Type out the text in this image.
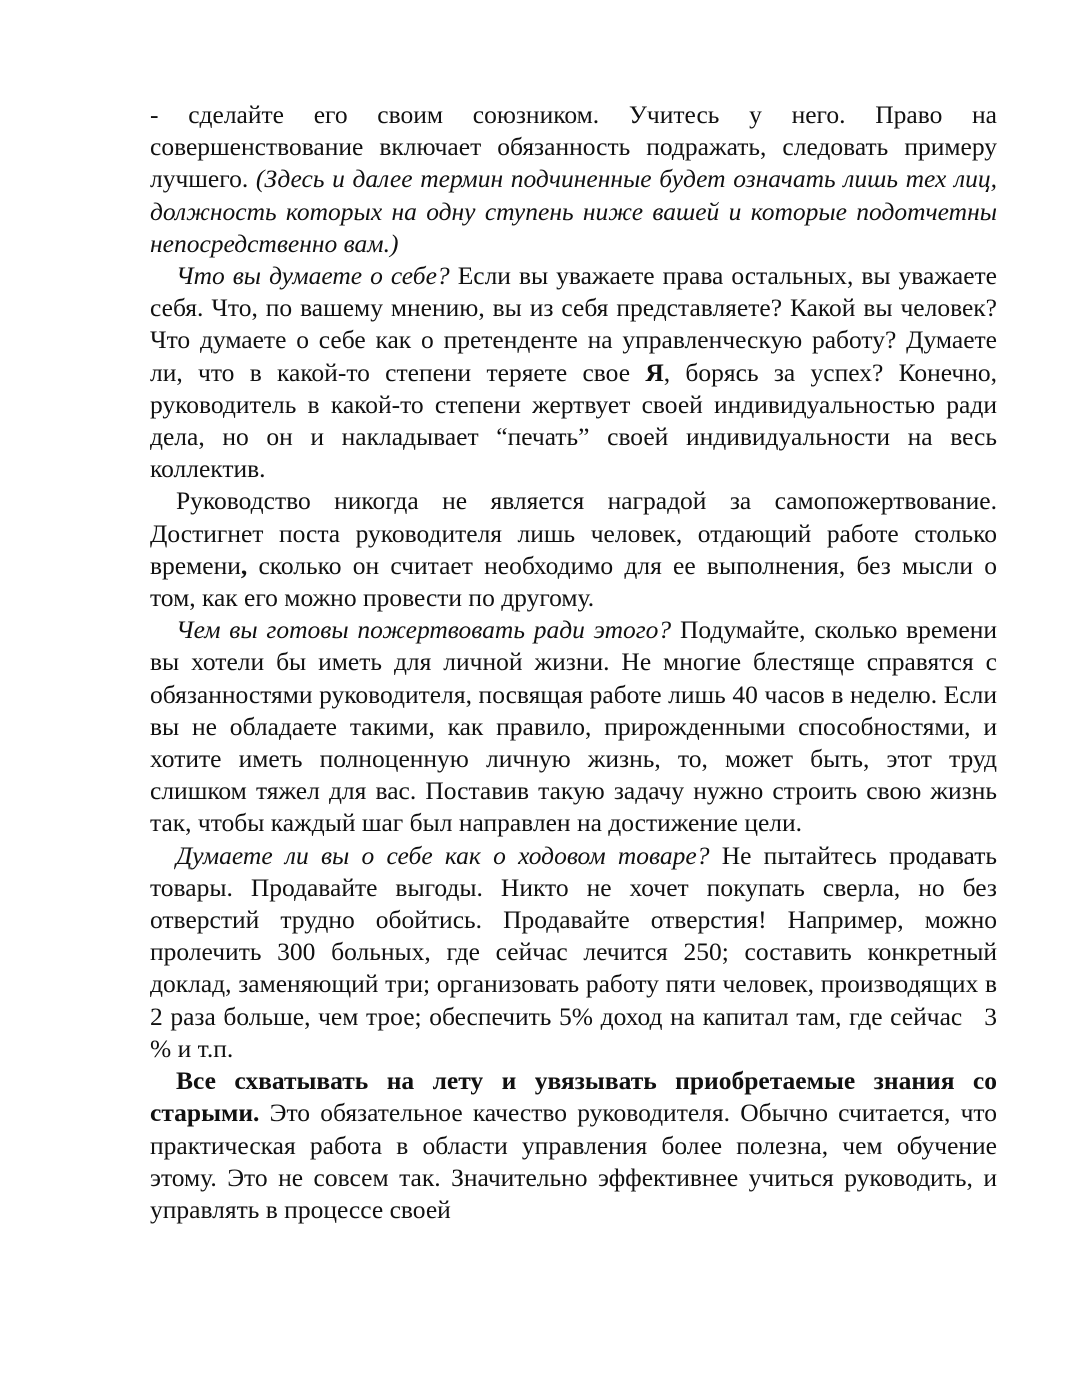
- сделайте его своим союзником. Учитесь у него. Право на совершенствование включает обязанность подражать, следовать примеру лучшего. (Здесь и далее термин подчиненные будет означать лишь тех лиц, должность которых на одну ступень ниже вашей и которые подотчетны непосредственно вам.)

Что вы думаете о себе? Если вы уважаете права остальных, вы уважаете себя. Что, по вашему мнению, вы из себя представляете? Какой вы человек? Что думаете о себе как о претенденте на управленческую работу? Думаете ли, что в какой-то степени теряете свое Я, борясь за успех? Конечно, руководитель в какой-то степени жертвует своей индивидуальностью ради дела, но он и накладывает “печать” своей индивидуальности на весь коллектив.

Руководство никогда не является наградой за самопожертвование. Достигнет поста руководителя лишь человек, отдающий работе столько времени, сколько он считает необходимо для ее выполнения, без мысли о том, как его можно провести по другому.

Чем вы готовы пожертвовать ради этого? Подумайте, сколько времени вы хотели бы иметь для личной жизни. Не многие блестяще справятся с обязанностями руководителя, посвящая работе лишь 40 часов в неделю. Если вы не обладаете такими, как правило, прирожденными способностями, и хотите иметь полноценную личную жизнь, то, может быть, этот труд слишком тяжел для вас. Поставив такую задачу нужно строить свою жизнь так, чтобы каждый шаг был направлен на достижение цели.

Думаете ли вы о себе как о ходовом товаре? Не пытайтесь продавать товары. Продавайте выгоды. Никто не хочет покупать сверла, но без отверстий трудно обойтись. Продавайте отверстия! Например, можно пролечить 300 больных, где сейчас лечится 250; составить конкретный доклад, заменяющий три; организовать работу пяти человек, производящих в 2 раза больше, чем трое; обеспечить 5% доход на капитал там, где сейчас 3 % и т.п.

Все схватывать на лету и увязывать приобретаемые знания со старыми. Это обязательное качество руководителя. Обычно считается, что практическая работа в области управления более полезна, чем обучение этому. Это не совсем так. Значительно эффективнее учиться руководить, и управлять в процессе своей
